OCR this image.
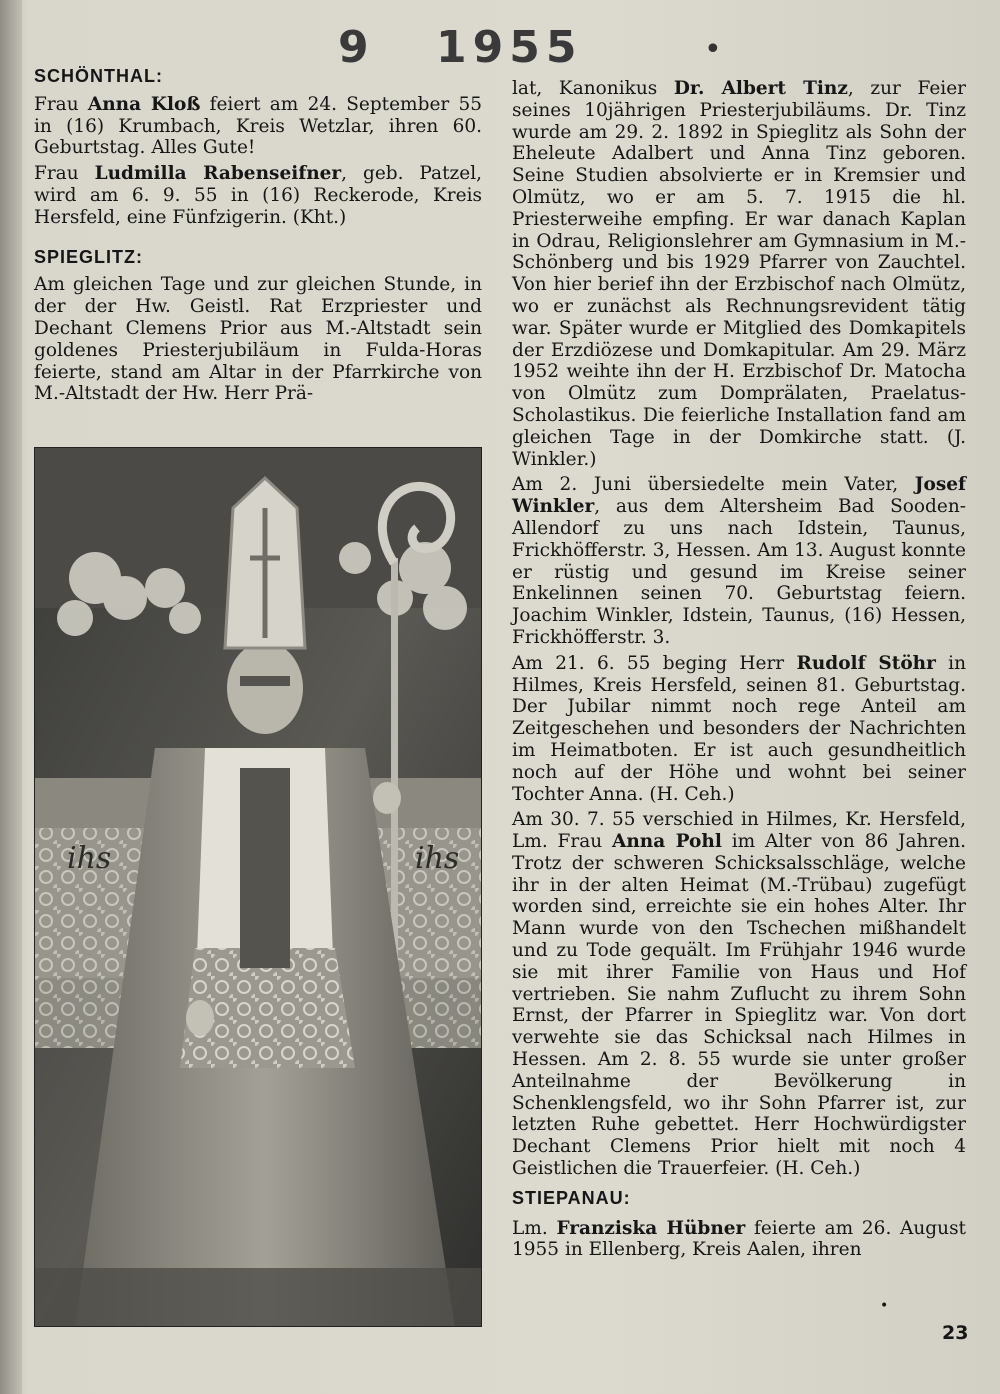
9 1955	•
SCHÖNTHAL:

Frau Anna Kloß feiert am 24. September 55 in (16) Krumbach, Kreis Wetzlar, ihren 60. Geburtstag. Alles Gute!

Frau Ludmilla Rabenseifner, geb. Patzel, wird am 6. 9. 55 in (16) Reckerode, Kreis Hersfeld, eine Fünfzigerin. (Kht.)

SPIEGLITZ:

Am gleichen Tage und zur gleichen Stunde, in der der Hw. Geistl. Rat Erzpriester und Dechant Clemens Prior aus M.-Altstadt sein goldenes Priesterjubiläum in Fulda-Horas feierte, stand am Altar in der Pfarrkirche von M.-Altstadt der Hw. Herr Prä-

ihs	ihs

lat, Kanonikus Dr. Albert Tinz, zur Feier seines 10jährigen Priesterjubiläums. Dr. Tinz wurde am 29. 2. 1892 in Spieglitz als Sohn der Eheleute Adalbert und Anna Tinz geboren. Seine Studien absolvierte er in Kremsier und Olmütz, wo er am 5. 7. 1915 die hl. Priesterweihe empfing. Er war danach Kaplan in Odrau, Religionslehrer am Gymnasium in M.-Schönberg und bis 1929 Pfarrer von Zauchtel. Von hier berief ihn der Erzbischof nach Olmütz, wo er zunächst als Rechnungsrevident tätig war. Später wurde er Mitglied des Domkapitels der Erzdiözese und Domkapitular. Am 29. März 1952 weihte ihn der H. Erzbischof Dr. Matocha von Olmütz zum Domprälaten, Praelatus-Scholastikus. Die feierliche Installation fand am gleichen Tage in der Domkirche statt. (J. Winkler.)

Am 2. Juni übersiedelte mein Vater, Josef Winkler, aus dem Altersheim Bad Sooden-Allendorf zu uns nach Idstein, Taunus, Frickhöfferstr. 3, Hessen. Am 13. August konnte er rüstig und gesund im Kreise seiner Enkelinnen seinen 70. Geburtstag feiern. Joachim Winkler, Idstein, Taunus, (16) Hessen, Frickhöfferstr. 3.

Am 21. 6. 55 beging Herr Rudolf Stöhr in Hilmes, Kreis Hersfeld, seinen 81. Geburtstag. Der Jubilar nimmt noch rege Anteil am Zeitgeschehen und besonders der Nachrichten im Heimatboten. Er ist auch gesundheitlich noch auf der Höhe und wohnt bei seiner Tochter Anna. (H. Ceh.)

Am 30. 7. 55 verschied in Hilmes, Kr. Hersfeld, Lm. Frau Anna Pohl im Alter von 86 Jahren. Trotz der schweren Schicksalsschläge, welche ihr in der alten Heimat (M.-Trübau) zugefügt worden sind, erreichte sie ein hohes Alter. Ihr Mann wurde von den Tschechen mißhandelt und zu Tode gequält. Im Frühjahr 1946 wurde sie mit ihrer Familie von Haus und Hof vertrieben. Sie nahm Zuflucht zu ihrem Sohn Ernst, der Pfarrer in Spieglitz war. Von dort verwehte sie das Schicksal nach Hilmes in Hessen. Am 2. 8. 55 wurde sie unter großer Anteilnahme der Bevölkerung in Schenklengsfeld, wo ihr Sohn Pfarrer ist, zur letzten Ruhe gebettet. Herr Hochwürdigster Dechant Clemens Prior hielt mit noch 4 Geistlichen die Trauerfeier. (H. Ceh.)

STIEPANAU:

Lm. Franziska Hübner feierte am 26. August 1955 in Ellenberg, Kreis Aalen, ihren

•
23
